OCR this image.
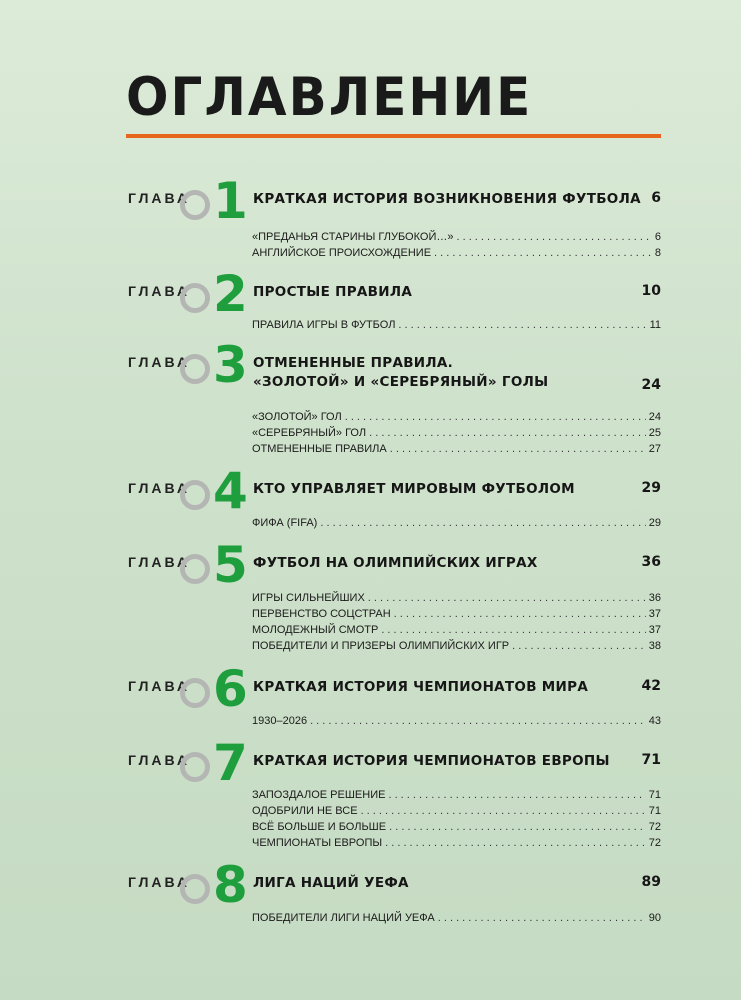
ОГЛАВЛЕНИЕ
ГЛАВА 1 КРАТКАЯ ИСТОРИЯ ВОЗНИКНОВЕНИЯ ФУТБОЛА 6
«ПРЕДАНЬЯ СТАРИНЫ ГЛУБОКОЙ…» . . .	6
АНГЛИЙСКОЕ ПРОИСХОЖДЕНИЕ . . .	8
ГЛАВА 2 ПРОСТЫЕ ПРАВИЛА	10
ПРАВИЛА ИГРЫ В ФУТБОЛ . . .	11
ГЛАВА 3 ОТМЕНЕННЫЕ ПРАВИЛА.
«ЗОЛОТОЙ» И «СЕРЕБРЯНЫЙ» ГОЛЫ	24
«ЗОЛОТОЙ» ГОЛ . . .	24
«СЕРЕБРЯНЫЙ» ГОЛ . . .	25
ОТМЕНЕННЫЕ ПРАВИЛА . . .	27
ГЛАВА 4 КТО УПРАВЛЯЕТ МИРОВЫМ ФУТБОЛОМ	29
ФИФА (FIFA) . . .	29
ГЛАВА 5 ФУТБОЛ НА ОЛИМПИЙСКИХ ИГРАХ	36
ИГРЫ СИЛЬНЕЙШИХ . . .	36
ПЕРВЕНСТВО СОЦСТРАН . . .	37
МОЛОДЕЖНЫЙ СМОТР . . .	37
ПОБЕДИТЕЛИ И ПРИЗЕРЫ ОЛИМПИЙСКИХ ИГР . . .	38
ГЛАВА 6 КРАТКАЯ ИСТОРИЯ ЧЕМПИОНАТОВ МИРА	42
1930–2026 . . .	43
ГЛАВА 7 КРАТКАЯ ИСТОРИЯ ЧЕМПИОНАТОВ ЕВРОПЫ 71
ЗАПОЗДАЛОЕ РЕШЕНИЕ . . .	71
ОДОБРИЛИ НЕ ВСЕ . . .	71
ВСЁ БОЛЬШЕ И БОЛЬШЕ . . .	72
ЧЕМПИОНАТЫ ЕВРОПЫ . . .	72
ГЛАВА 8 ЛИГА НАЦИЙ УЕФА	89
ПОБЕДИТЕЛИ ЛИГИ НАЦИЙ УЕФА . . .	90
